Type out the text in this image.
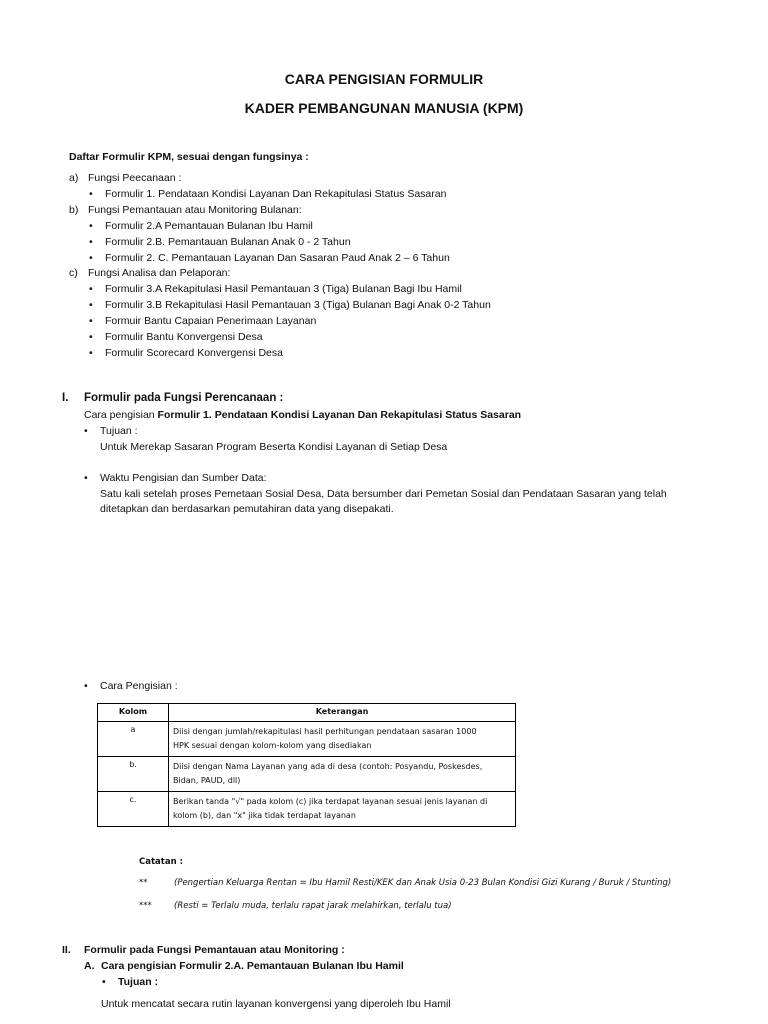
CARA PENGISIAN FORMULIR
KADER PEMBANGUNAN MANUSIA (KPM)
Daftar Formulir KPM, sesuai dengan fungsinya :
a) Fungsi Peecanaan :
• Formulir 1. Pendataan Kondisi Layanan Dan Rekapitulasi Status Sasaran
b) Fungsi Pemantauan atau Monitoring Bulanan:
• Formulir 2.A Pemantauan Bulanan Ibu Hamil
• Formulir 2.B. Pemantauan Bulanan Anak 0 - 2 Tahun
• Formulir 2. C. Pemantauan Layanan Dan Sasaran Paud Anak 2 – 6 Tahun
c) Fungsi Analisa dan Pelaporan:
• Formulir 3.A Rekapitulasi Hasil Pemantauan 3 (Tiga) Bulanan Bagi Ibu Hamil
• Formulir 3.B Rekapitulasi Hasil Pemantauan 3 (Tiga) Bulanan Bagi Anak 0-2 Tahun
• Formuir Bantu Capaian Penerimaan Layanan
• Formulir Bantu Konvergensi Desa
• Formulir Scorecard Konvergensi Desa
I. Formulir pada Fungsi Perencanaan :
Cara pengisian Formulir 1. Pendataan Kondisi Layanan Dan Rekapitulasi Status Sasaran
• Tujuan :
Untuk Merekap Sasaran Program Beserta Kondisi Layanan di Setiap Desa
• Waktu Pengisian dan Sumber Data:
Satu kali setelah proses Pemetaan Sosial Desa, Data bersumber dari Pemetan Sosial dan Pendataan Sasaran yang telah
ditetapkan dan berdasarkan pemutahiran data yang disepakati.
• Cara Pengisian :
Kolom	Keterangan
a	Diisi dengan jumlah/rekapitulasi hasil perhitungan pendataan sasaran 1000
HPK sesuai dengan kolom-kolom yang disediakan
b.	Diisi dengan Nama Layanan yang ada di desa (contoh: Posyandu, Poskesdes,
Bidan, PAUD, dll)
c.	Berikan tanda "√" pada kolom (c) jika terdapat layanan sesuai jenis layanan di
kolom (b), dan "x" jika tidak terdapat layanan
Catatan :
**	(Pengertian Keluarga Rentan = Ibu Hamil Resti/KEK dan Anak Usia 0-23 Bulan Kondisi Gizi Kurang / Buruk / Stunting)
***	(Resti = Terlalu muda, terlalu rapat jarak melahirkan, terlalu tua)
II. Formulir pada Fungsi Pemantauan atau Monitoring :
A. Cara pengisian Formulir 2.A. Pemantauan Bulanan Ibu Hamil
• Tujuan :
Untuk mencatat secara rutin layanan konvergensi yang diperoleh Ibu Hamil
